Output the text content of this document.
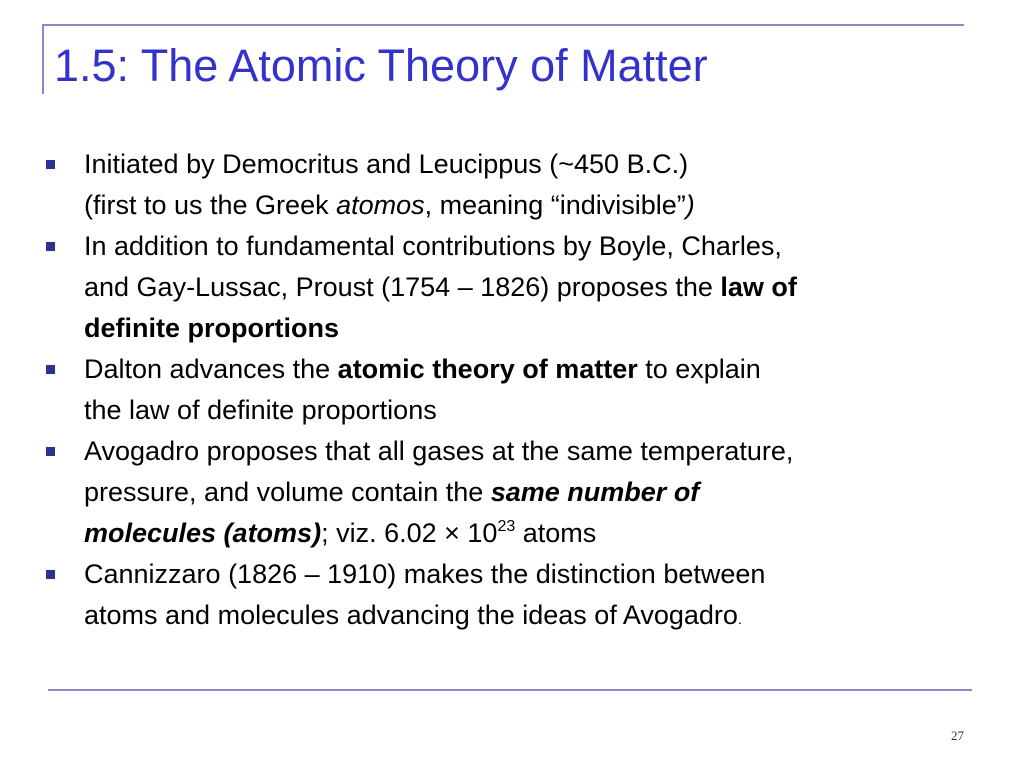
1.5: The Atomic Theory of Matter
Initiated by Democritus and Leucippus (~450 B.C.)
(first to us the Greek atomos, meaning “indivisible”)
In addition to fundamental contributions by Boyle, Charles,
and Gay-Lussac, Proust (1754 – 1826) proposes the law of
definite proportions
Dalton advances the atomic theory of matter to explain
the law of definite proportions
Avogadro proposes that all gases at the same temperature,
pressure, and volume contain the same number of
molecules (atoms); viz. $6.02 \times 10^{23}$ atoms
Cannizzaro (1826 – 1910) makes the distinction between
atoms and molecules advancing the ideas of Avogadro.
27
